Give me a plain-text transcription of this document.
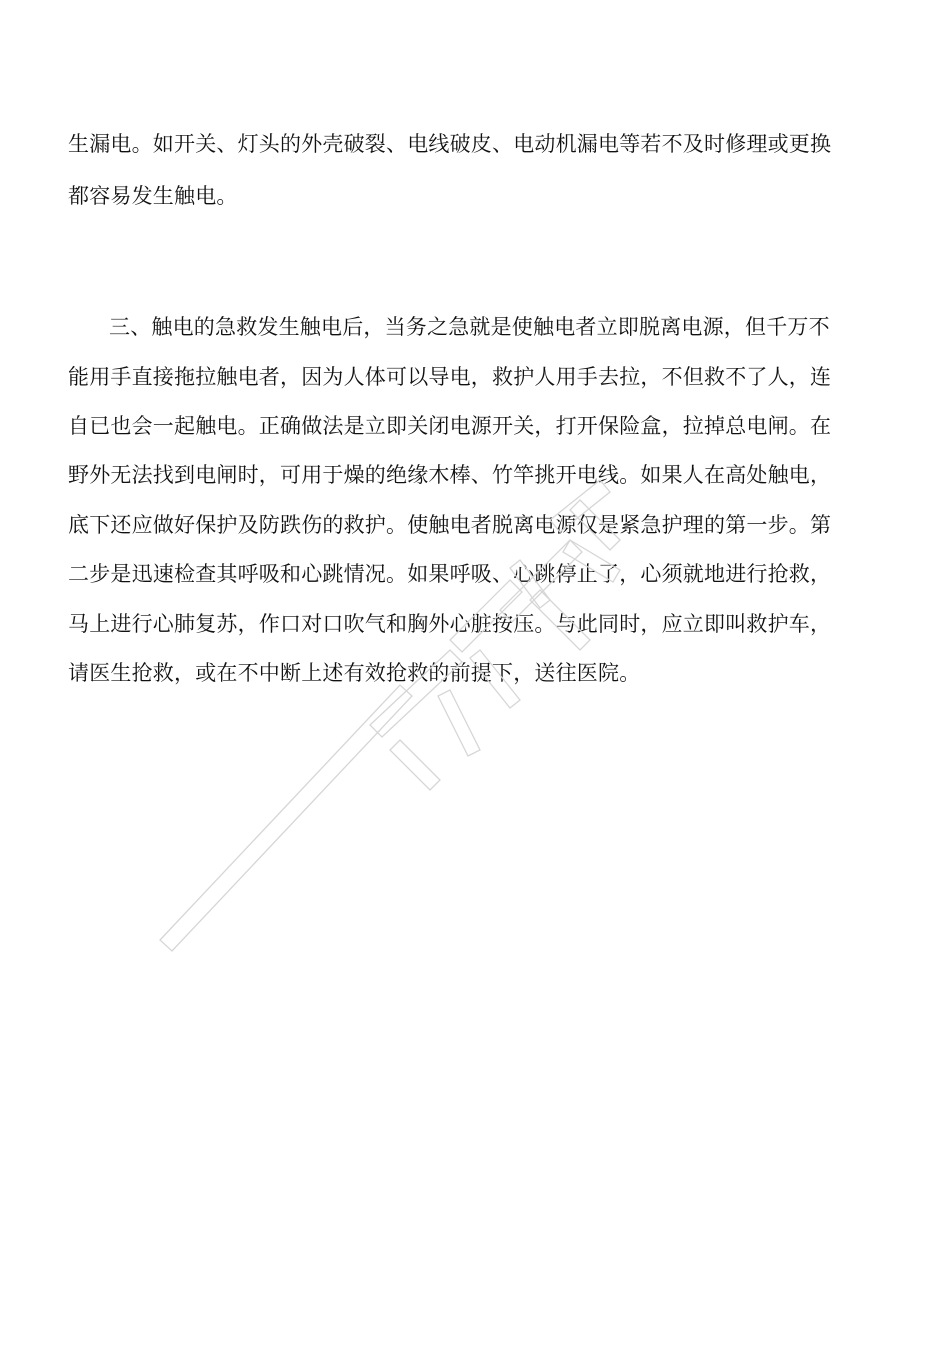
生漏电。如开关、灯头的外壳破裂、电线破皮、电动机漏电等若不及时修理或更换
都容易发生触电。
三、触电的急救发生触电后，当务之急就是使触电者立即脱离电源，但千万不
能用手直接拖拉触电者，因为人体可以导电，救护人用手去拉，不但救不了人，连
自已也会一起触电。正确做法是立即关闭电源开关，打开保险盒，拉掉总电闸。在
野外无法找到电闸时，可用于燥的绝缘木棒、竹竿挑开电线。如果人在高处触电，
底下还应做好保护及防跌伤的救护。使触电者脱离电源仅是紧急护理的第一步。第
二步是迅速检查其呼吸和心跳情况。如果呼吸、心跳停止了，心须就地进行抢救，
马上进行心肺复苏，作口对口吹气和胸外心脏按压。与此同时，应立即叫救护车，
请医生抢救，或在不中断上述有效抢救的前提下，送往医院。
